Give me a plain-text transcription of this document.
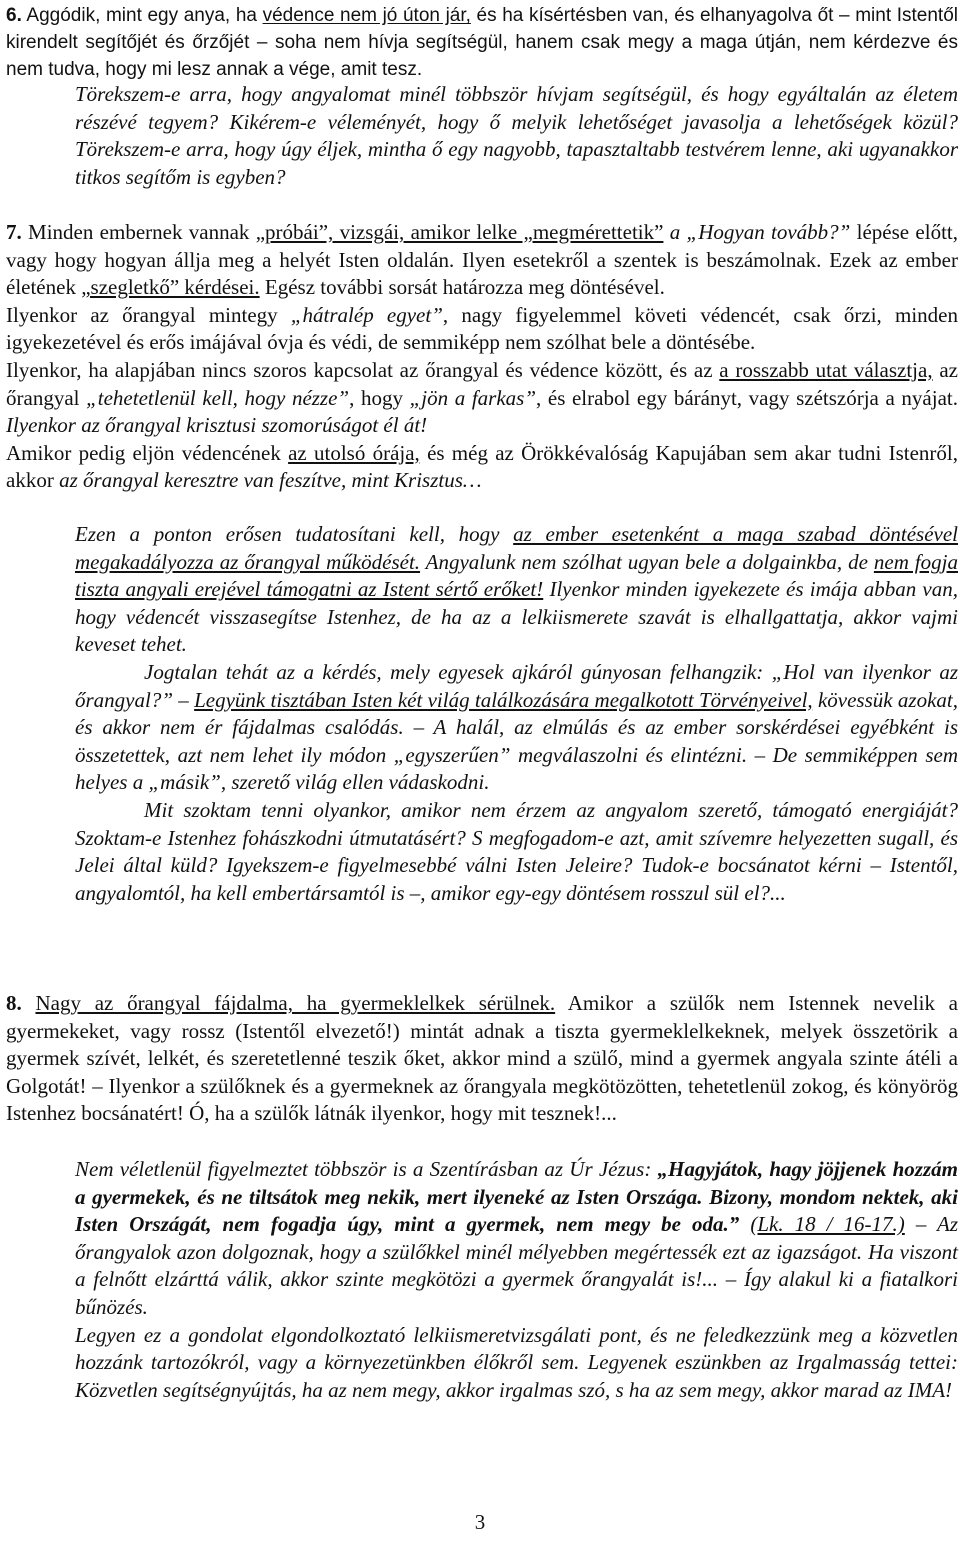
6. Aggódik, mint egy anya, ha védence nem jó úton jár, és ha kísértésben van, és elhanyagolva őt – mint Istentől kirendelt segítőjét és őrzőjét – soha nem hívja segítségül, hanem csak megy a maga útján, nem kérdezve és nem tudva, hogy mi lesz annak a vége, amit tesz.

Törekszem-e arra, hogy angyalomat minél többször hívjam segítségül, és hogy egyáltalán az életem részévé tegyem? Kikérem-e véleményét, hogy ő melyik lehetőséget javasolja a lehetőségek közül? Törekszem-e arra, hogy úgy éljek, mintha ő egy nagyobb, tapasztaltabb testvérem lenne, aki ugyanakkor titkos segítőm is egyben?

7. Minden embernek vannak „próbái”, vizsgái, amikor lelke „megmérettetik” a „Hogyan tovább?” lépése előtt, vagy hogy hogyan állja meg a helyét Isten oldalán. Ilyen esetekről a szentek is beszámolnak. Ezek az ember életének „szegletkő” kérdései. Egész további sorsát határozza meg döntésével.

Ilyenkor az őrangyal mintegy „hátralép egyet”, nagy figyelemmel követi védencét, csak őrzi, minden igyekezetével és erős imájával óvja és védi, de semmiképp nem szólhat bele a döntésébe.

Ilyenkor, ha alapjában nincs szoros kapcsolat az őrangyal és védence között, és az a rosszabb utat választja, az őrangyal „tehetetlenül kell, hogy nézze”, hogy „jön a farkas”, és elrabol egy bárányt, vagy szétszórja a nyájat. Ilyenkor az őrangyal krisztusi szomorúságot él át!

Amikor pedig eljön védencének az utolsó órája, és még az Örökkévalóság Kapujában sem akar tudni Istenről, akkor az őrangyal keresztre van feszítve, mint Krisztus…

Ezen a ponton erősen tudatosítani kell, hogy az ember esetenként a maga szabad döntésével megakadályozza az őrangyal működését. Angyalunk nem szólhat ugyan bele a dolgainkba, de nem fogja tiszta angyali erejével támogatni az Istent sértő erőket! Ilyenkor minden igyekezete és imája abban van, hogy védencét visszasegítse Istenhez, de ha az a lelkiismerete szavát is elhallgattatja, akkor vajmi keveset tehet.

Jogtalan tehát az a kérdés, mely egyesek ajkáról gúnyosan felhangzik: „Hol van ilyenkor az őrangyal?” – Legyünk tisztában Isten két világ találkozására megalkotott Törvényeivel, kövessük azokat, és akkor nem ér fájdalmas csalódás. – A halál, az elmúlás és az ember sorskérdései egyébként is összetettek, azt nem lehet ily módon „egyszerűen” megválaszolni és elintézni. – De semmiképpen sem helyes a „másik”, szerető világ ellen vádaskodni.

Mit szoktam tenni olyankor, amikor nem érzem az angyalom szerető, támogató energiáját? Szoktam-e Istenhez fohászkodni útmutatásért? S megfogadom-e azt, amit szívemre helyezetten sugall, és Jelei által küld? Igyekszem-e figyelmesebbé válni Isten Jeleire? Tudok-e bocsánatot kérni – Istentől, angyalomtól, ha kell embertársamtól is –, amikor egy-egy döntésem rosszul sül el?...

8. Nagy az őrangyal fájdalma, ha gyermeklelkek sérülnek. Amikor a szülők nem Istennek nevelik a gyermekeket, vagy rossz (Istentől elvezető!) mintát adnak a tiszta gyermeklelkeknek, melyek összetörik a gyermek szívét, lelkét, és szeretetlenné teszik őket, akkor mind a szülő, mind a gyermek angyala szinte átéli a Golgotát! – Ilyenkor a szülőknek és a gyermeknek az őrangyala megkötözötten, tehetetlenül zokog, és könyörög Istenhez bocsánatért! Ó, ha a szülők látnák ilyenkor, hogy mit tesznek!...

Nem véletlenül figyelmeztet többször is a Szentírásban az Úr Jézus: „Hagyjátok, hagy jöjjenek hozzám a gyermekek, és ne tiltsátok meg nekik, mert ilyeneké az Isten Országa. Bizony, mondom nektek, aki Isten Országát, nem fogadja úgy, mint a gyermek, nem megy be oda.” (Lk. 18 / 16-17.) – Az őrangyalok azon dolgoznak, hogy a szülőkkel minél mélyebben megértessék ezt az igazságot. Ha viszont a felnőtt elzárttá válik, akkor szinte megkötözi a gyermek őrangyalát is!... – Így alakul ki a fiatalkori bűnözés.

Legyen ez a gondolat elgondolkoztató lelkiismeretvizsgálati pont, és ne feledkezzünk meg a közvetlen hozzánk tartozókról, vagy a környezetünkben élőkről sem. Legyenek eszünkben az Irgalmasság tettei: Közvetlen segítségnyújtás, ha az nem megy, akkor irgalmas szó, s ha az sem megy, akkor marad az IMA!

3
